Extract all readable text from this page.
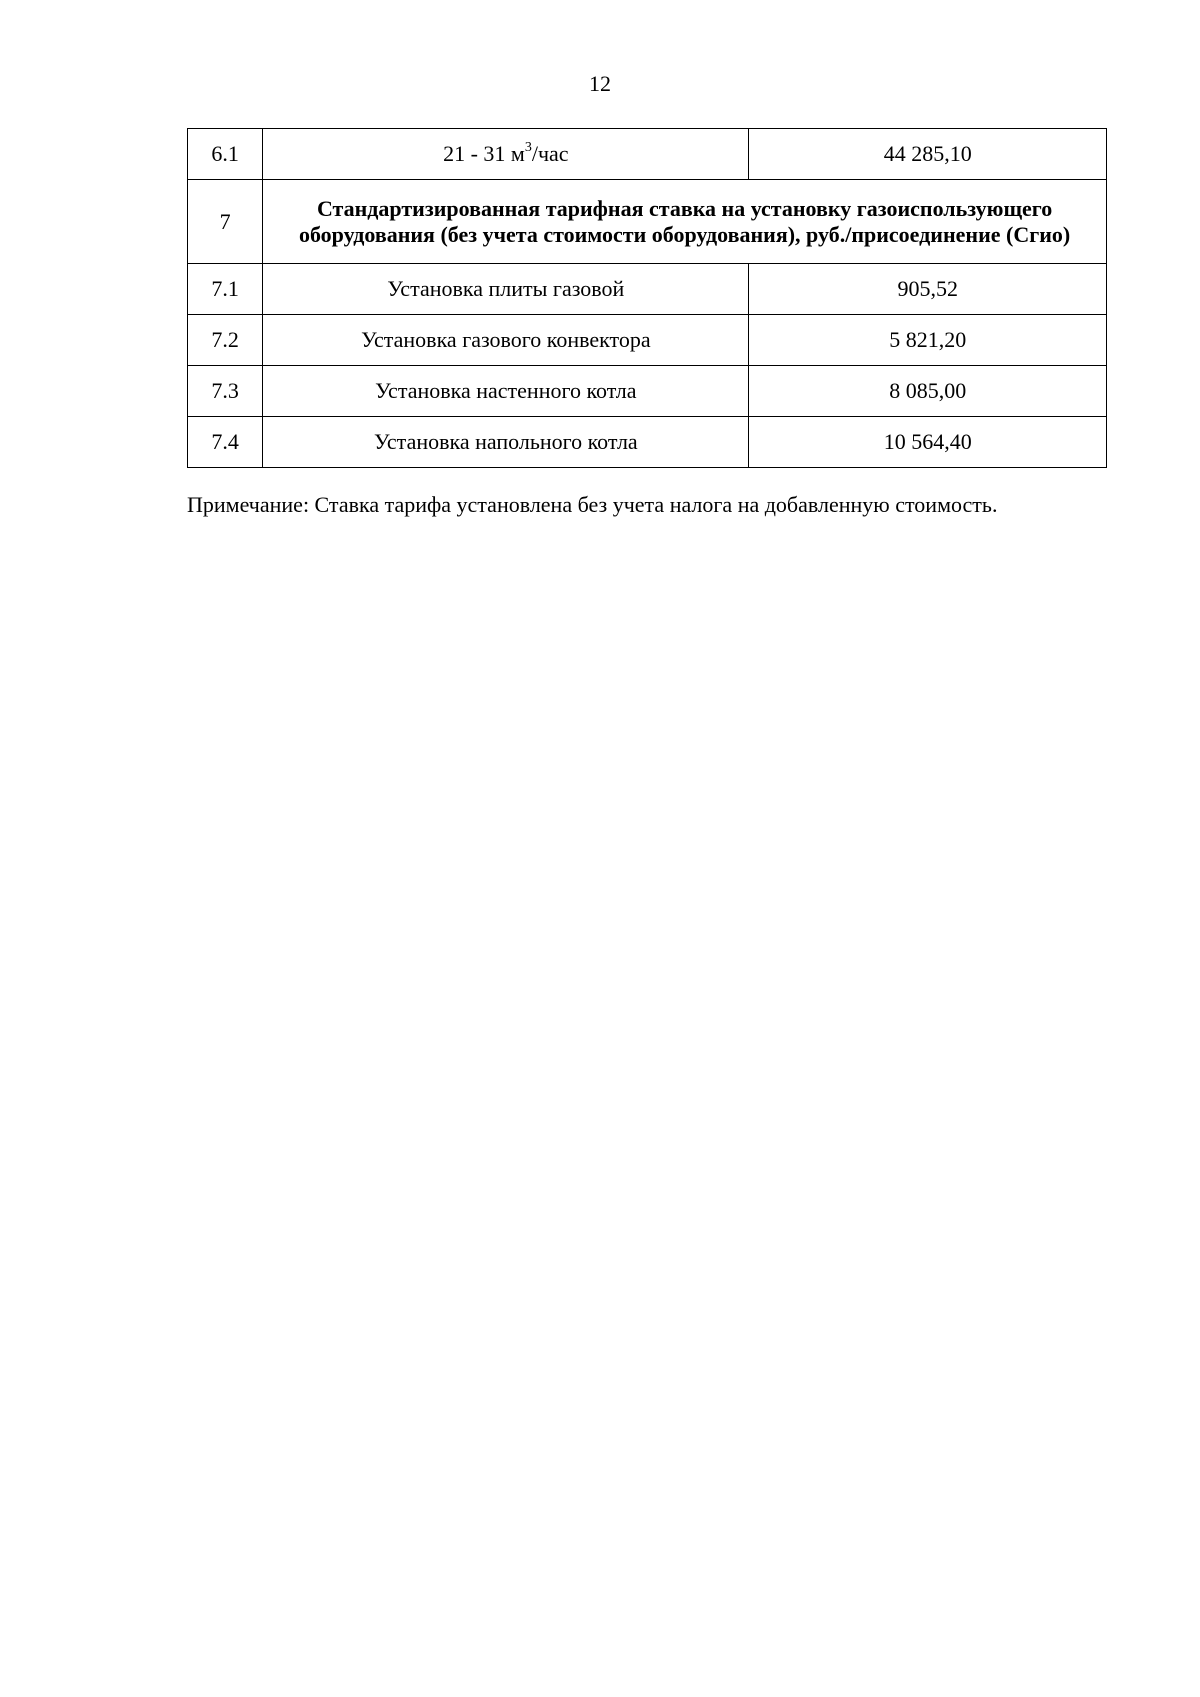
12
6.1	21 - 31 $м^3$/час	44 285,10
7	Стандартизированная тарифная ставка на установку газоиспользующего оборудования (без учета стоимости оборудования), руб./присоединение (Сгио)	
7.1	Установка плиты газовой	905,52
7.2	Установка газового конвектора	5 821,20
7.3	Установка настенного котла	8 085,00
7.4	Установка напольного котла	10 564,40
Примечание: Ставка тарифа установлена без учета налога на добавленную стоимость.
